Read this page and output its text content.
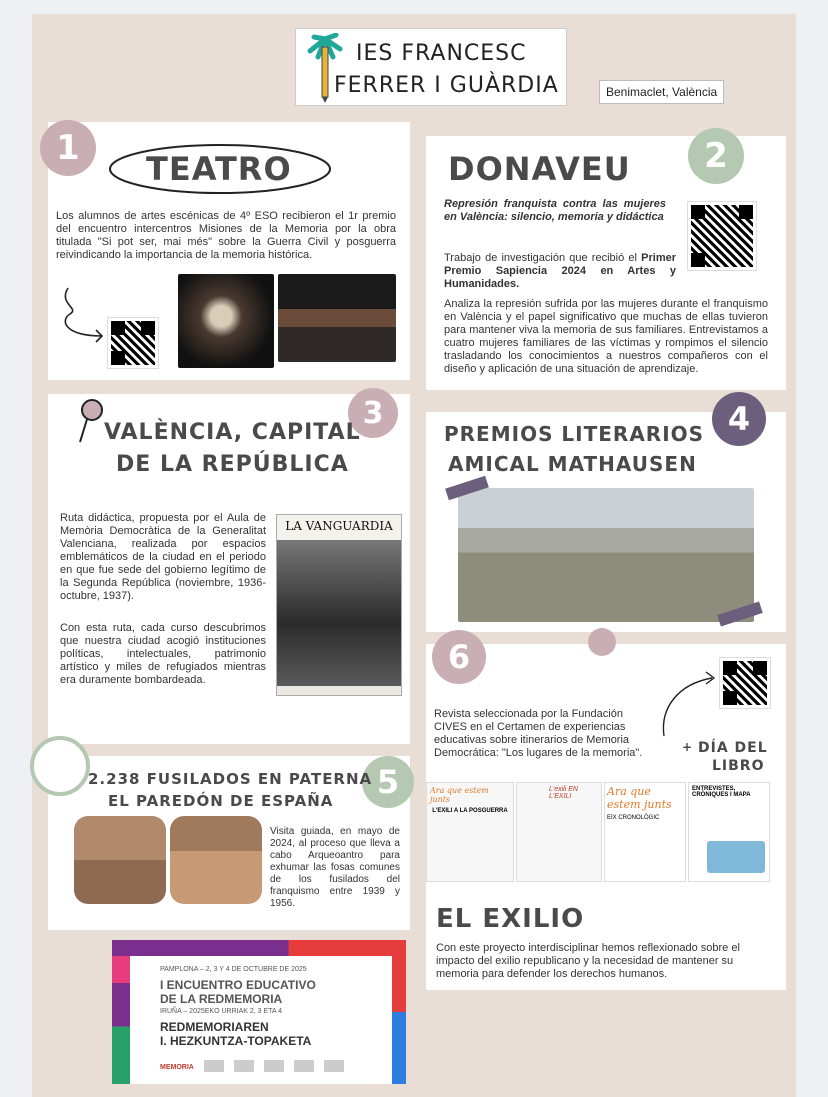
IES FRANCESC
FERRER I GUÀRDIA	Benimaclet, València
1
TEATRO
Los alumnos de artes escénicas de 4º ESO recibieron el 1r premio del encuentro intercentros Misiones de la Memoria por la obra titulada "Si pot ser, mai més" sobre la Guerra Civil y posguerra reivindicando la importancia de la memoria histórica.
DONAVEU	2
Represión franquista contra las mujeres en València: silencio, memoria y didáctica
Trabajo de investigación que recibió el Primer Premio Sapiencia 2024 en Artes y Humanidades.
Analiza la represión sufrida por las mujeres durante el franquismo en València y el papel significativo que muchas de ellas tuvieron para mantener viva la memoria de sus familiares. Entrevistamos a cuatro mujeres familiares de las víctimas y rompimos el silencio trasladando los conocimientos a nuestros compañeros con el diseño y aplicación de una situación de aprendizaje.
3
VALÈNCIA, CAPITAL
DE LA REPÚBLICA
Ruta didáctica, propuesta por el Aula de Memòria Democràtica de la Generalitat Valenciana, realizada por espacios emblemáticos de la ciudad en el periodo en que fue sede del gobierno legítimo de la Segunda República (noviembre, 1936-octubre, 1937).
Con esta ruta, cada curso descubrimos que nuestra ciudad acogió instituciones políticas, intelectuales, patrimonio artístico y miles de refugiados mientras era duramente bombardeada.
LA VANGUARDIA
PREMIOS LITERARIOS
AMICAL MATHAUSEN
4
5
2.238 FUSILADOS EN PATERNA
EL PAREDÓN DE ESPAÑA
Visita guiada, en mayo de 2024, al proceso que lleva a cabo Arqueoantro para exhumar las fosas comunes de los fusilados del franquismo entre 1939 y 1956.
6
Revista seleccionada por la Fundación CIVES en el Certamen de experiencias educativas sobre itinerarios de Memoria Democrática: "Los lugares de la memoria".	+ DÍA DEL
LIBRO
Ara que estem junts
L'EXILI A LA POSGUERRA
L'exili EN L'EXILI	Ara que estem junts
EIX CRONOLÒGIC
ENTREVISTES, CRÒNIQUES I MAPA
EL EXILIO
Con este proyecto interdisciplinar hemos reflexionado sobre el impacto del exilio republicano y la necesidad de mantener su memoria para defender los derechos humanos.
PAMPLONA – 2, 3 Y 4 DE OCTUBRE DE 2025
I ENCUENTRO EDUCATIVO
DE LA REDMEMORIA
IRUÑA – 2025EKO URRIAK 2, 3 ETA 4
REDMEMORIAREN
I. HEZKUNTZA-TOPAKETA
MEMORIA
